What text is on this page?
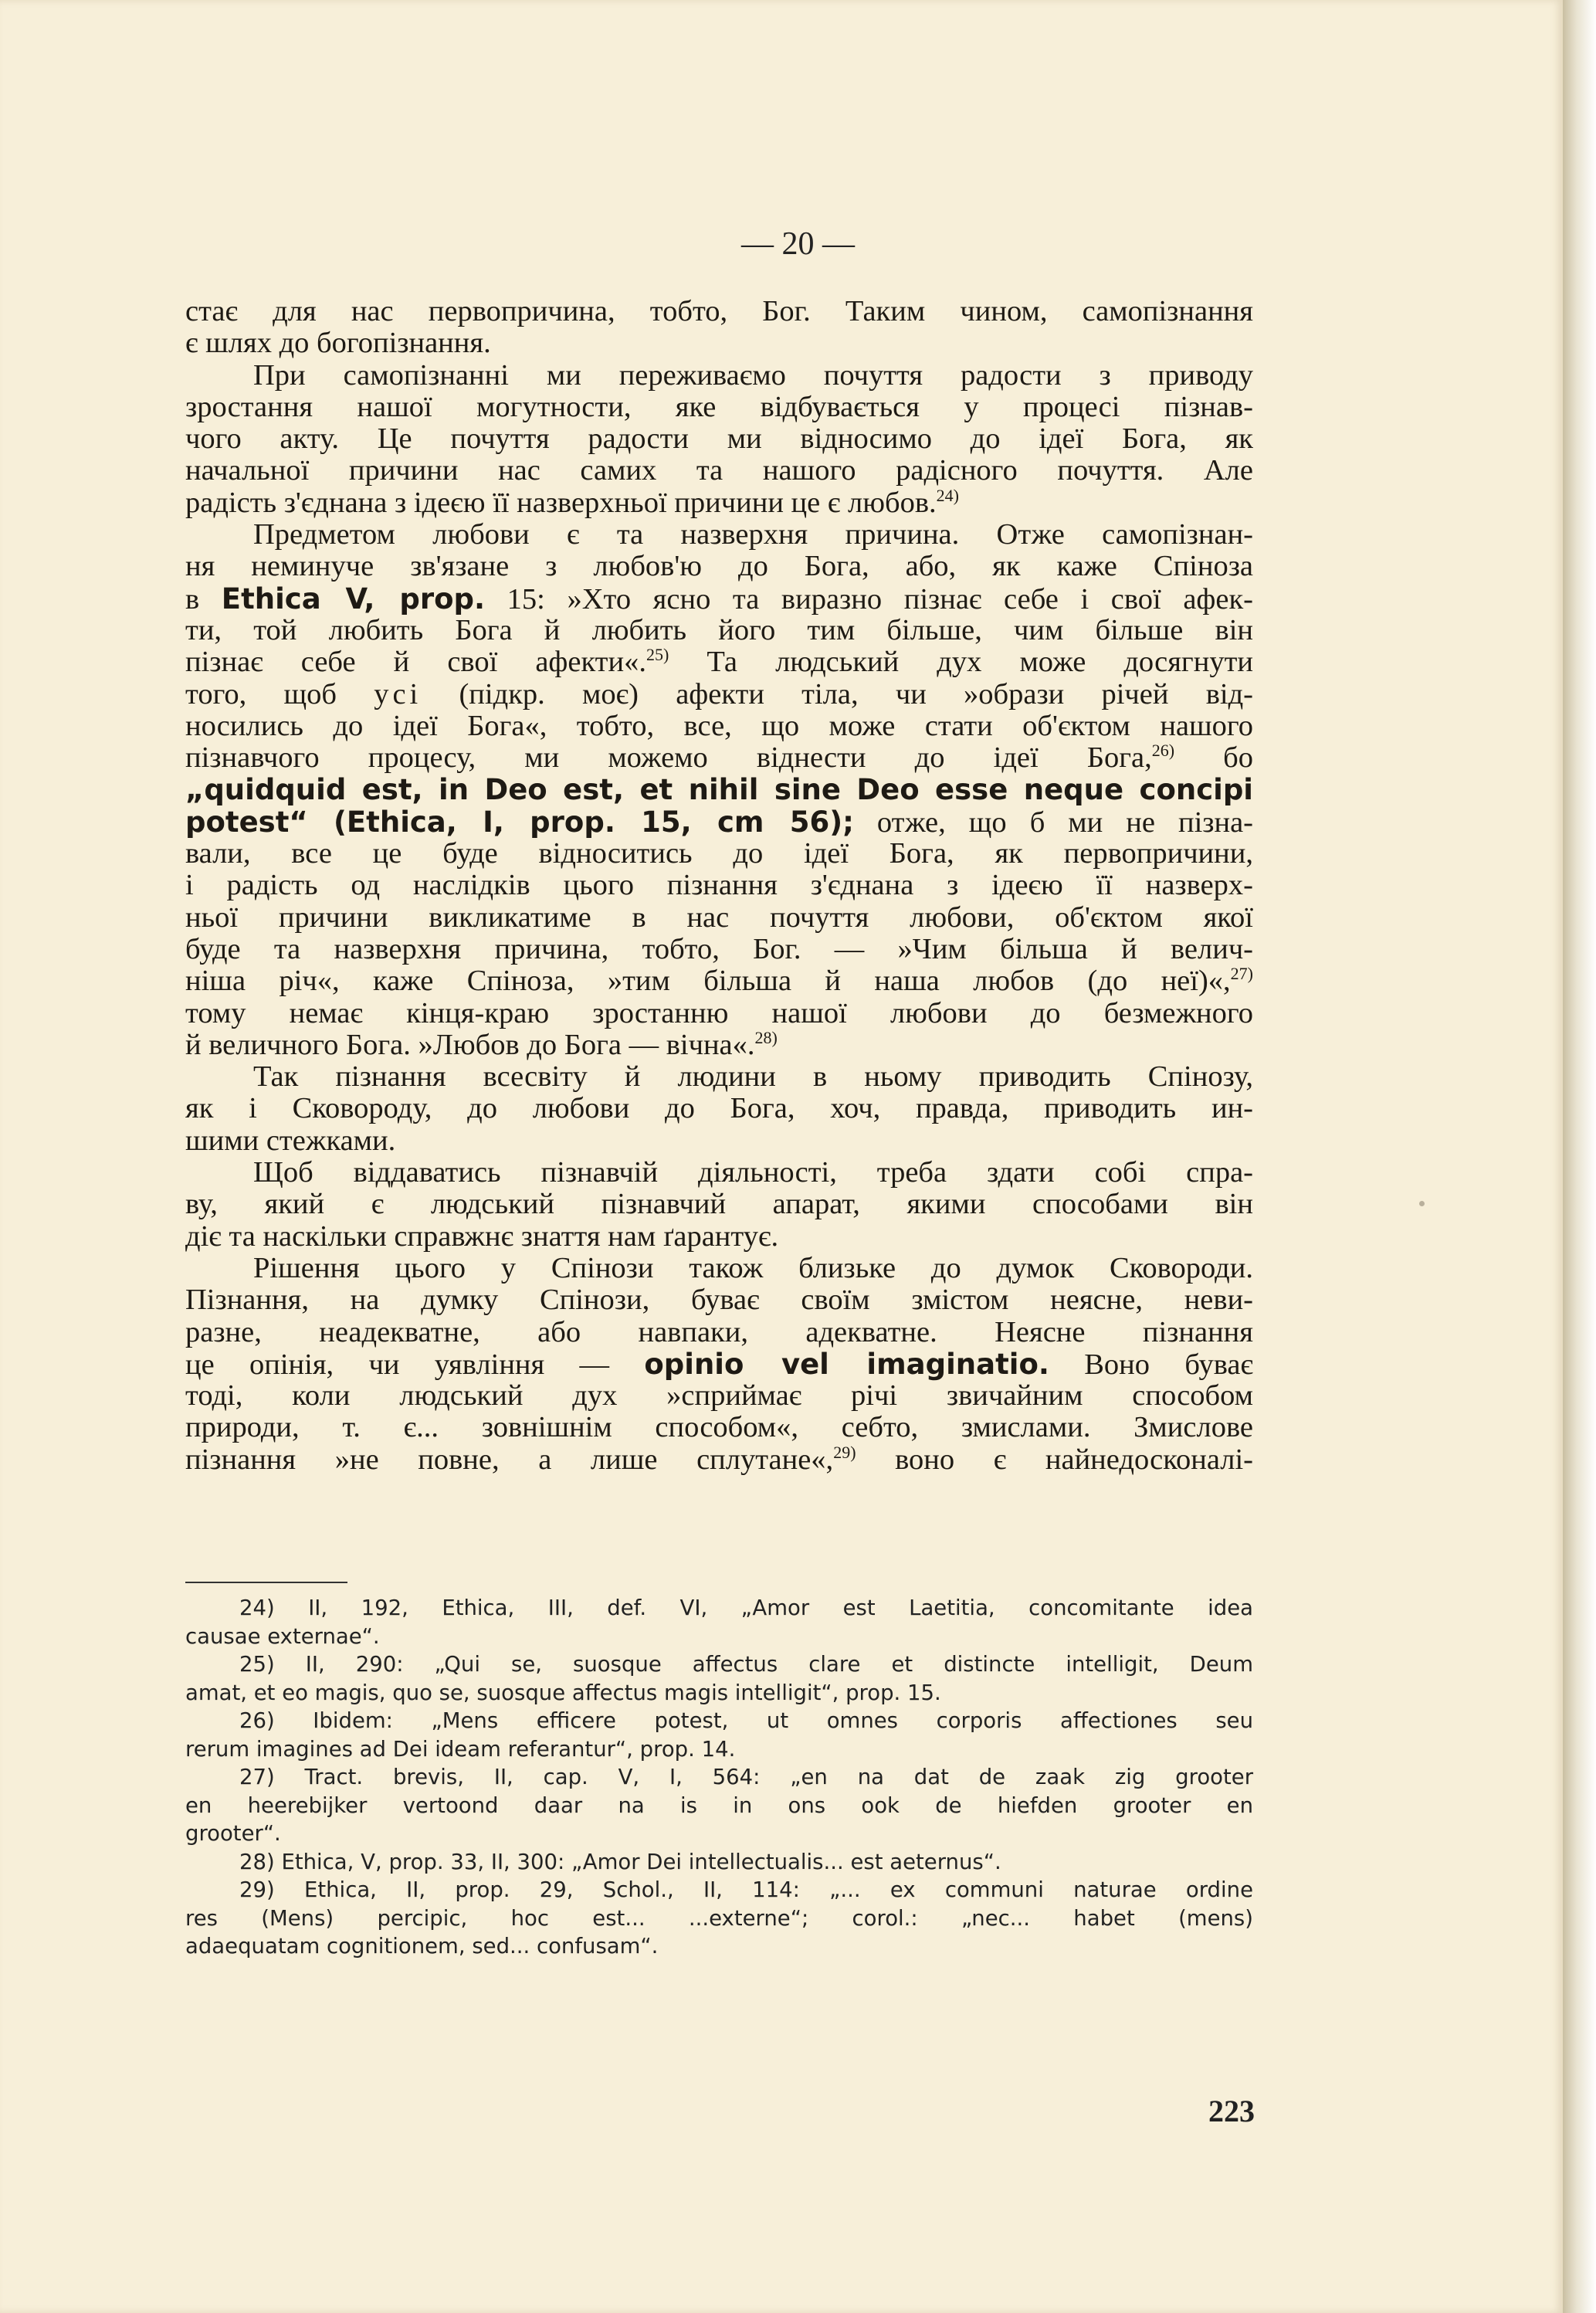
— 20 —
стає для нас первопричина, тобто, Бог. Таким чином, самопізнання
є шлях до богопізнання.
При самопізнанні ми переживаємо почуття радости з приводу
зростання нашої могутности, яке відбувається у процесі пізнав-
чого акту. Це почуття радости ми відносимо до ідеї Бога, як
начальної причини нас самих та нашого радісного почуття. Але
радість з'єднана з ідеєю її назверхньої причини це є любов.$^{24)}$
Предметом любови є та назверхня причина. Отже самопізнан-
ня неминуче зв'язане з любов'ю до Бога, або, як каже Спіноза
в Ethica V, prop. 15: »Хто ясно та виразно пізнає себе і свої афек-
ти, той любить Бога й любить його тим більше, чим більше він
пізнає себе й свої афекти«.$^{25)}$ Та людський дух може досягнути
того, щоб усі (підкр. моє) афекти тіла, чи »образи річей від-
носились до ідеї Бога«, тобто, все, що може стати об'єктом нашого
пізнавчого процесу, ми можемо віднести до ідеї Бога,$^{26)}$ бо
„quidquid est, in Deo est, et nihil sine Deo esse neque concipi
potest“ (Ethica, I, prop. 15, cm 56); отже, що б ми не пізна-
вали, все це буде відноситись до ідеї Бога, як первопричини,
і радість од наслідків цього пізнання з'єднана з ідеєю її назверх-
ньої причини викликатиме в нас почуття любови, об'єктом якої
буде та назверхня причина, тобто, Бог. — »Чим більша й велич-
ніша річ«, каже Спіноза, »тим більша й наша любов (до неї)«,$^{27)}$
тому немає кінця-краю зростанню нашої любови до безмежного
й величного Бога. »Любов до Бога — вічна«.$^{28)}$
Так пізнання всесвіту й людини в ньому приводить Спінозу,
як і Сковороду, до любови до Бога, хоч, правда, приводить ин-
шими стежками.
Щоб віддаватись пізнавчій діяльності, треба здати собі спра-
ву, який є людський пізнавчий апарат, якими способами він
діє та наскільки справжнє знаття нам ґарантує.
Рішення цього у Спінози також близьке до думок Сковороди.
Пізнання, на думку Спінози, буває своїм змістом неясне, неви-
разне, неадекватне, або навпаки, адекватне. Неясне пізнання
це опінія, чи уявління — opinio vel imaginatio. Воно буває
тоді, коли людський дух »сприймає річі звичайним способом
природи, т. є... зовнішнім способом«, себто, змислами. Змислове
пізнання »не повне, а лише сплутане«,$^{29)}$ воно є найнедосконалі-
24) II, 192, Ethica, III, def. VI, „Amor est Laetitia, concomitante idea
causae externae“.
25) II, 290: „Qui se, suosque affectus clare et distincte intelligit, Deum
amat, et eo magis, quo se, suosque affectus magis intelligit“, prop. 15.
26) Ibidem: „Mens efficere potest, ut omnes corporis affectiones seu
rerum imagines ad Dei ideam referantur“, prop. 14.
27) Tract. brevis, II, cap. V, I, 564: „en na dat de zaak zig grooter
en heerebijker vertoond daar na is in ons ook de hiefden grooter en
grooter“.
28) Ethica, V, prop. 33, II, 300: „Amor Dei intellectualis... est aeternus“.
29) Ethica, II, prop. 29, Schol., II, 114: „... ex communi naturae ordine
res (Mens) percipic, hoc est... ...externe“; corol.: „nec... habet (mens)
adaequatam cognitionem, sed... confusam“.
223
